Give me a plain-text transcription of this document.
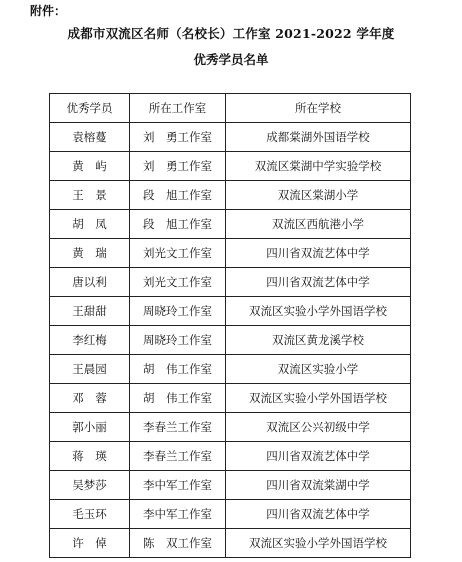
附件：
成都市双流区名师（名校长）工作室 2021-2022 学年度
优秀学员名单
优秀学员	所在工作室	所在学校
袁榕蔓	刘　勇工作室	成都棠湖外国语学校
黄　屿	刘　勇工作室	双流区棠湖中学实验学校
王　景	段　旭工作室	双流区棠湖小学
胡　凤	段　旭工作室	双流区西航港小学
黄　瑞	刘光文工作室	四川省双流艺体中学
唐以利	刘光文工作室	四川省双流艺体中学
王甜甜	周晓玲工作室	双流区实验小学外国语学校
李红梅	周晓玲工作室	双流区黄龙溪学校
王晨园	胡　伟工作室	双流区实验小学
邓　蓉	胡　伟工作室	双流区实验小学外国语学校
郭小丽	李春兰工作室	双流区公兴初级中学
蒋　瑛	李春兰工作室	四川省双流艺体中学
吴梦莎	李中军工作室	四川省双流棠湖中学
毛玉环	李中军工作室	四川省双流艺体中学
许　倬	陈　双工作室	双流区实验小学外国语学校
